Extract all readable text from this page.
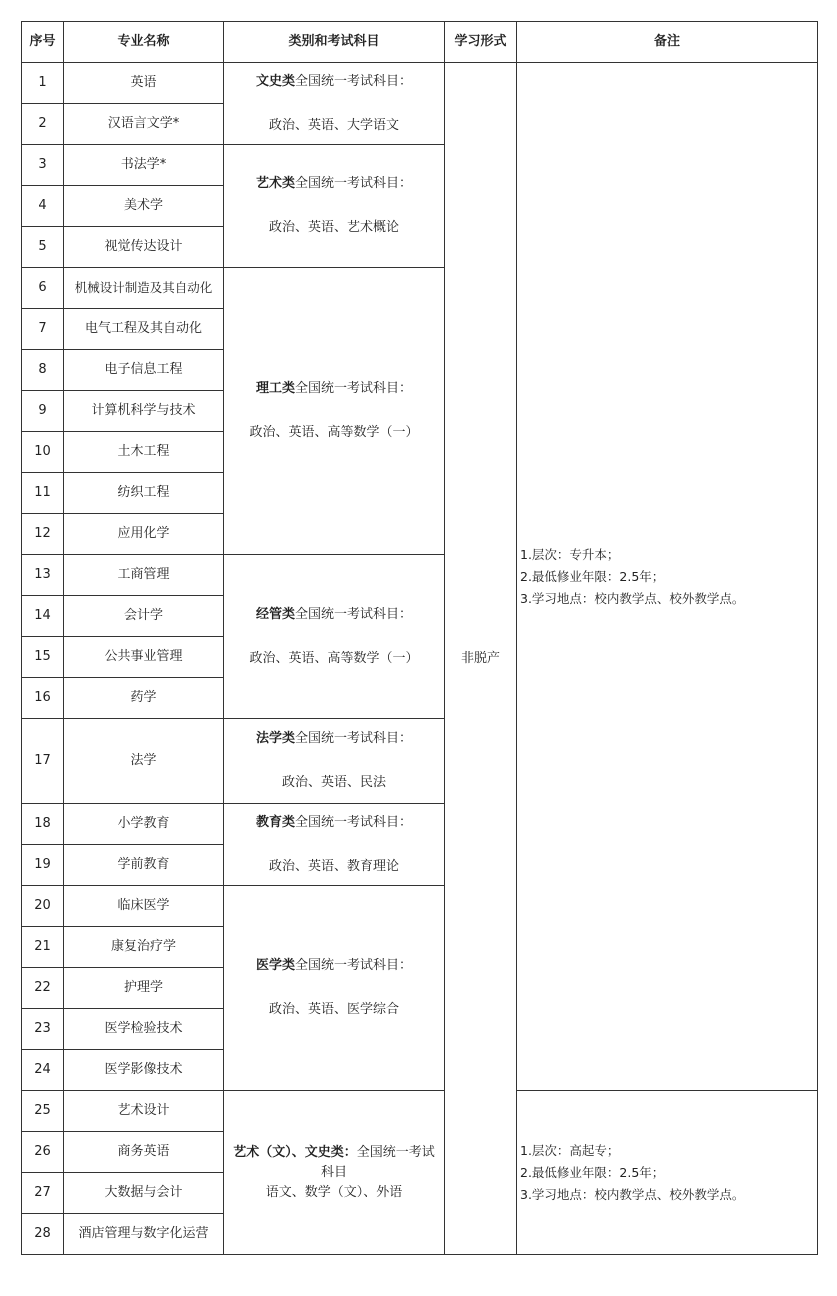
序号	专业名称	类别和考试科目	学习形式	备注
1	英语	文史类全国统一考试科目：
政治、英语、大学语文	非脱产	1.层次：专升本；
2.最低修业年限：2.5年；
3.学习地点：校内教学点、校外教学点。

2	汉语言文学*			
3	书法学*	艺术类全国统一考试科目：
政治、英语、艺术概论		

4	美术学			
5	视觉传达设计			
6	机械设计制造及其自动化	理工类全国统一考试科目：
政治、英语、高等数学（一）		

7	电气工程及其自动化			
8	电子信息工程			
9	计算机科学与技术			
10	土木工程			
11	纺织工程			
12	应用化学			
13	工商管理	经管类全国统一考试科目：
政治、英语、高等数学（一）		

14	会计学			
15	公共事业管理			
16	药学			
17	法学	法学类全国统一考试科目：
政治、英语、民法		

18	小学教育	教育类全国统一考试科目：
政治、英语、教育理论		

19	学前教育			
20	临床医学	医学类全国统一考试科目：
政治、英语、医学综合		

21	康复治疗学			
22	护理学			
23	医学检验技术			
24	医学影像技术			
25	艺术设计	艺术（文）、文史类：全国统一考试科目
语文、数学（文）、外语		1.层次：高起专；
2.最低修业年限：2.5年；
3.学习地点：校内教学点、校外教学点。

26	商务英语			
27	大数据与会计			
28	酒店管理与数字化运营			
